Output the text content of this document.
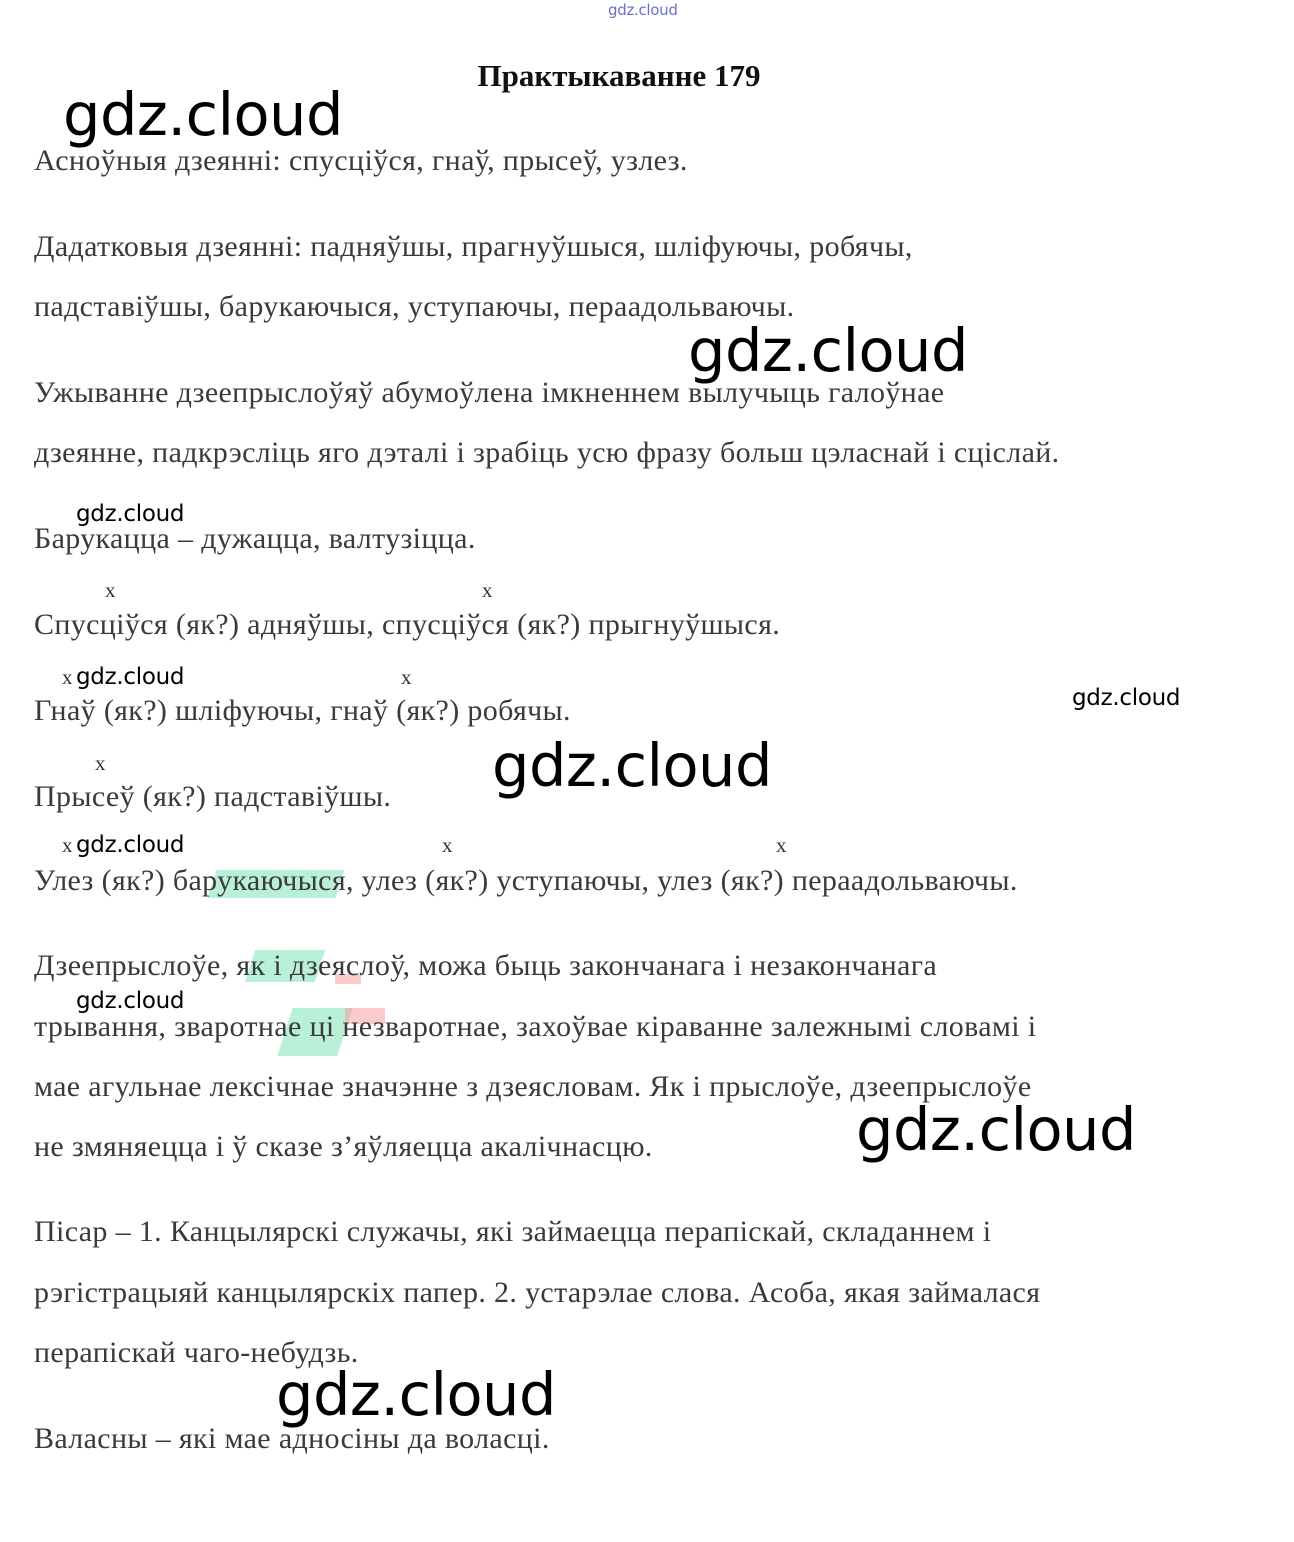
gdz.cloud
Практыкаванне 179
Асноўныя дзеянні: спусціўся, гнаў, прысеў, узлез.
Дадатковыя дзеянні: падняўшы, прагнуўшыся, шліфуючы, робячы,
падставіўшы, барукаючыся, уступаючы, пераадольваючы.
Ужыванне дзеепрыслоўяў абумоўлена імкненнем вылучыць галоўнае
дзеянне, падкрэсліць яго дэталі і зрабіць усю фразу больш цэласнай і сціслай.
Барукацца – дужацца, валтузіцца.
Спусціўся (як?) адняўшы, спусціўся (як?) прыгнуўшыся.
Гнаў (як?) шліфуючы, гнаў (як?) робячы.
Прысеў (як?) падставіўшы.
Улез (як?) барукаючыся, улез (як?) уступаючы, улез (як?) пераадольваючы.
Дзеепрыслоўе, як і дзеяслоў, можа быць закончанага і незакончанага
трывання, зваротнае ці незваротнае, захоўвае кіраванне залежнымі словамі і
мае агульнае лексічнае значэнне з дзеясловам. Як і прыслоўе, дзеепрыслоўе
не змяняецца і ў сказе з’яўляецца акалічнасцю.
Пісар – 1. Канцылярскі служачы, які займаецца перапіскай, складаннем і
рэгістрацыяй канцылярскіх папер. 2. устарэлае слова. Асоба, якая займалася
перапіскай чаго-небудзь.
Валасны – які мае адносіны да воласці.
x	x
x	x
x
x	x	x
gdz.cloud
gdz.cloud
gdz.cloud
gdz.cloud
gdz.cloud
gdz.cloud
gdz.cloud
gdz.cloud
gdz.cloud
gdz.cloud
